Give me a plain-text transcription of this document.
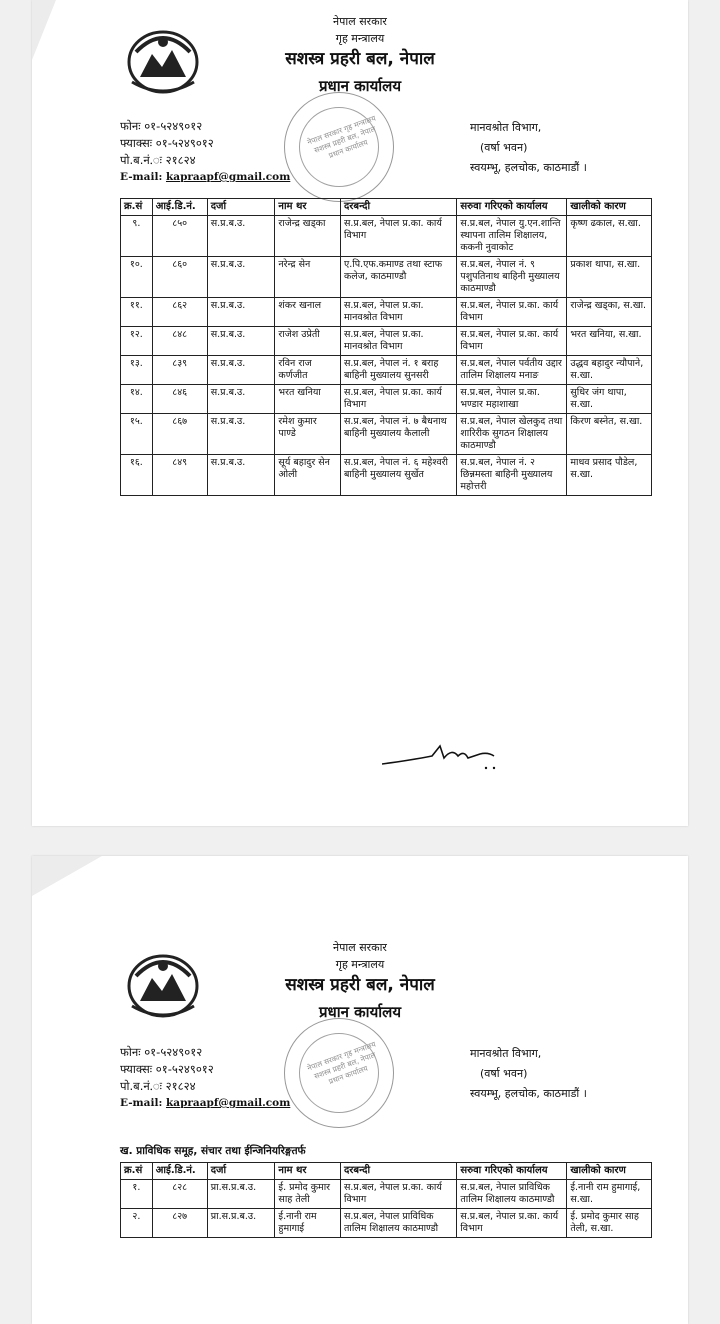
नेपाल सरकार
गृह मन्त्रालय
सशस्त्र प्रहरी बल, नेपाल
प्रधान कार्यालय
नेपाल सरकार गृह मन्त्रालय सशस्त्र प्रहरी बल, नेपाल प्रधान कार्यालय
फोनः ०१-५२४९०१२
फ्याक्सः ०१-५२४९०१२
पो.ब.नं.ः २१८२४
E-mail: kapraapf@gmail.com
मानवश्रोत विभाग,
(वर्षा भवन)
स्वयम्भू, हलचोक, काठमाडौं ।
क्र.सं	आई.डि.नं.	दर्जा	नाम थर	दरबन्दी	सरुवा गरिएको कार्यालय	खालीको कारण
९.	८५०	स.प्र.ब.उ.	राजेन्द्र खड्का	स.प्र.बल, नेपाल प्र.का. कार्य विभाग	स.प्र.बल, नेपाल यु.एन.शान्ति स्थापना तालिम शिक्षालय, ककनी नुवाकोट	कृष्ण ढकाल, स.खा.
१०.	८६०	स.प्र.ब.उ.	नरेन्द्र सेन	ए.पि.एफ.कमाण्ड तथा स्टाफ कलेज, काठमाण्डौ	स.प्र.बल, नेपाल नं. ९ पशुपतिनाथ बाहिनी मुख्यालय काठमाण्डौ	प्रकाश थापा, स.खा.
११.	८६२	स.प्र.ब.उ.	शंकर खनाल	स.प्र.बल, नेपाल प्र.का. मानवश्रोत विभाग	स.प्र.बल, नेपाल प्र.का. कार्य विभाग	राजेन्द्र खड्का, स.खा.
१२.	८४८	स.प्र.ब.उ.	राजेश उप्रेती	स.प्र.बल, नेपाल प्र.का. मानवश्रोत विभाग	स.प्र.बल, नेपाल प्र.का. कार्य विभाग	भरत खनिया, स.खा.
१३.	८३९	स.प्र.ब.उ.	रविन राज कर्णजीत	स.प्र.बल, नेपाल नं. १ बराह बाहिनी मुख्यालय सुनसरी	स.प्र.बल, नेपाल पर्वतीय उद्दार तालिम शिक्षालय मनाङ	उद्धव बहादुर न्यौपाने, स.खा.
१४.	८४६	स.प्र.ब.उ.	भरत खनिया	स.प्र.बल, नेपाल प्र.का. कार्य विभाग	स.प्र.बल, नेपाल प्र.का. भण्डार महाशाखा	सुधिर जंग थापा, स.खा.
१५.	८६७	स.प्र.ब.उ.	रमेश कुमार पाण्डे	स.प्र.बल, नेपाल नं. ७ बैधनाथ बाहिनी मुख्यालय कैलाली	स.प्र.बल, नेपाल खेलकुद तथा शारिरीक सुगठन शिक्षालय काठमाण्डौ	किरण बस्नेत, स.खा.
१६.	८४९	स.प्र.ब.उ.	सूर्य बहादुर सेन ओली	स.प्र.बल, नेपाल नं. ६ महेश्वरी बाहिनी मुख्यालय सुर्खेत	स.प्र.बल, नेपाल नं. २ छिन्नमस्ता बाहिनी मुख्यालय महोत्तरी	माधव प्रसाद पौडेल, स.खा.
नेपाल सरकार
गृह मन्त्रालय
सशस्त्र प्रहरी बल, नेपाल
प्रधान कार्यालय
नेपाल सरकार गृह मन्त्रालय सशस्त्र प्रहरी बल, नेपाल प्रधान कार्यालय
फोनः ०१-५२४९०१२
फ्याक्सः ०१-५२४९०१२
पो.ब.नं.ः २१८२४
E-mail: kapraapf@gmail.com
मानवश्रोत विभाग,
(वर्षा भवन)
स्वयम्भू, हलचोक, काठमाडौं ।
ख. प्राविधिक समूह, संचार तथा ईन्जिनियरिङ्गतर्फ
क्र.सं	आई.डि.नं.	दर्जा	नाम थर	दरबन्दी	सरुवा गरिएको कार्यालय	खालीको कारण
१.	८२८	प्रा.स.प्र.ब.उ.	ई. प्रमोद कुमार साह तेली	स.प्र.बल, नेपाल प्र.का. कार्य विभाग	स.प्र.बल, नेपाल प्राविधिक तालिम शिक्षालय काठमाण्डौ	ई.नानी राम हुमागाई, स.खा.
२.	८२७	प्रा.स.प्र.ब.उ.	ई.नानी राम हुमागाई	स.प्र.बल, नेपाल प्राविधिक तालिम शिक्षालय काठमाण्डौ	स.प्र.बल, नेपाल प्र.का. कार्य विभाग	ई. प्रमोद कुमार साह तेली, स.खा.
